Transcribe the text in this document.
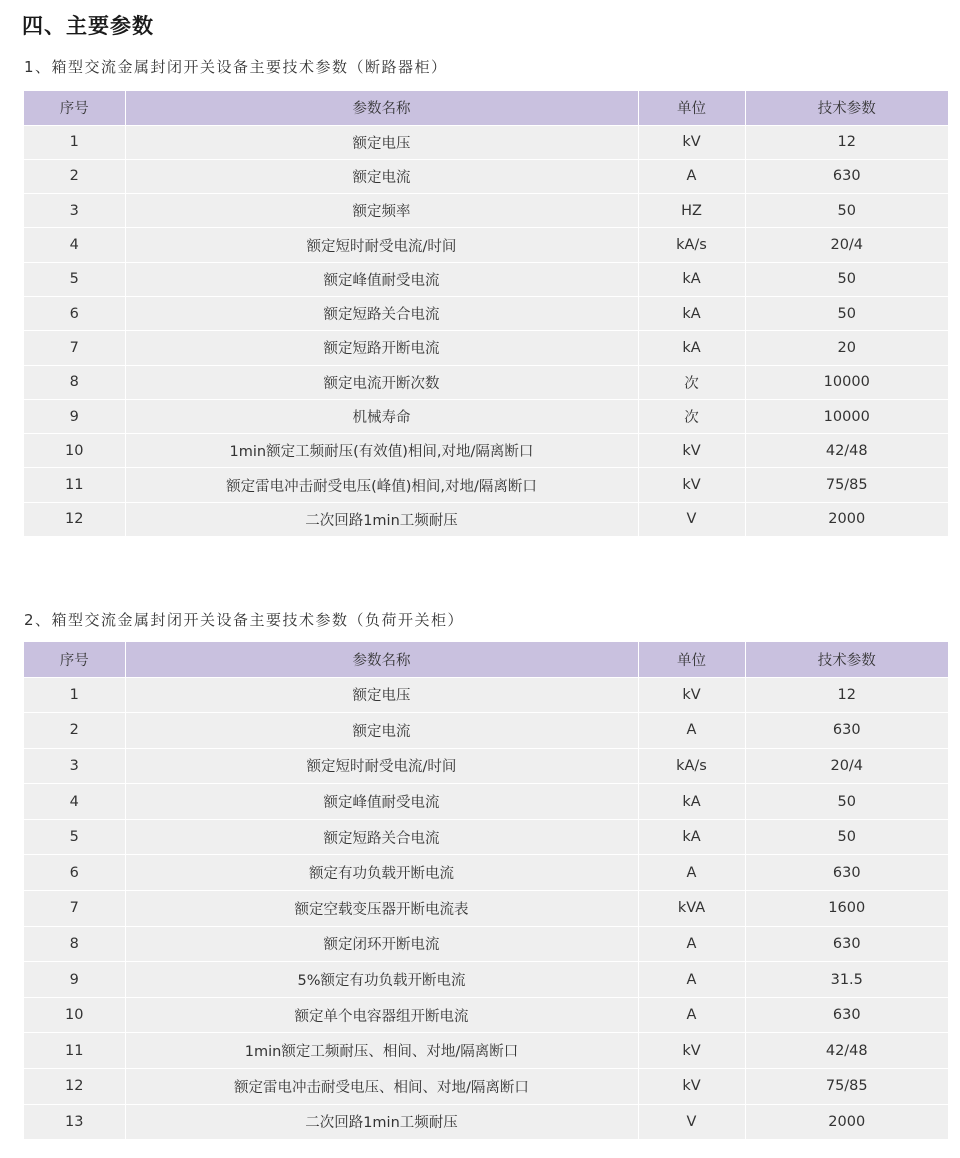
四、主要参数
1、箱型交流金属封闭开关设备主要技术参数（断路器柜）
序号	参数名称	单位	技术参数
1	额定电压	kV	12
2	额定电流	A	630
3	额定频率	HZ	50
4	额定短时耐受电流/时间	kA/s	20/4
5	额定峰值耐受电流	kA	50
6	额定短路关合电流	kA	50
7	额定短路开断电流	kA	20
8	额定电流开断次数	次	10000
9	机械寿命	次	10000
10	1min额定工频耐压(有效值)相间,对地/隔离断口	kV	42/48
11	额定雷电冲击耐受电压(峰值)相间,对地/隔离断口	kV	75/85
12	二次回路1min工频耐压	V	2000
2、箱型交流金属封闭开关设备主要技术参数（负荷开关柜）
序号	参数名称	单位	技术参数
1	额定电压	kV	12
2	额定电流	A	630
3	额定短时耐受电流/时间	kA/s	20/4
4	额定峰值耐受电流	kA	50
5	额定短路关合电流	kA	50
6	额定有功负载开断电流	A	630
7	额定空载变压器开断电流表	kVA	1600
8	额定闭环开断电流	A	630
9	5%额定有功负载开断电流	A	31.5
10	额定单个电容器组开断电流	A	630
11	1min额定工频耐压、相间、对地/隔离断口	kV	42/48
12	额定雷电冲击耐受电压、相间、对地/隔离断口	kV	75/85
13	二次回路1min工频耐压	V	2000
